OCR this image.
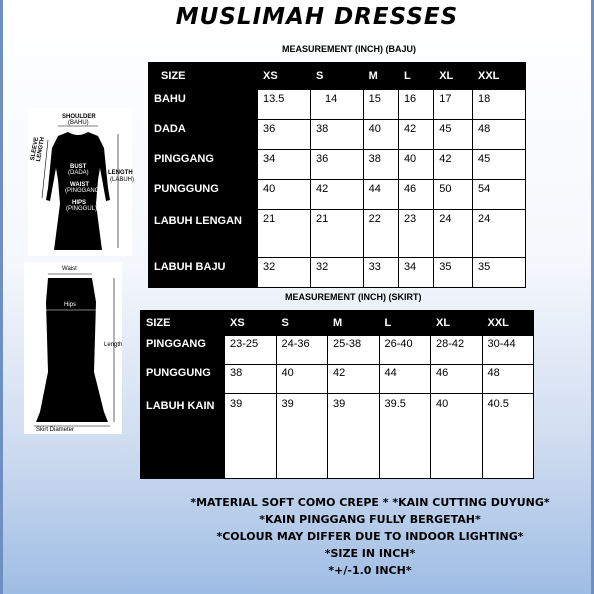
MUSLIMAH DRESSES
MEASUREMENT (INCH) (BAJU)
SIZE	XS	S	M	L	XL	XXL
BAHU	13.5	14	15	16	17	18
DADA	36	38	40	42	45	48
PINGGANG	34	36	38	40	42	45
PUNGGUNG	40	42	44	46	50	54
LABUH LENGAN	21	21	22	23	24	24
LABUH BAJU	32	32	33	34	35	35
MEASUREMENT (INCH) (SKIRT)
SIZE	XS	S	M	L	XL	XXL
PINGGANG	23-25	24-36	25-38	26-40	28-42	30-44
PUNGGUNG	38	40	42	44	46	48
LABUH KAIN	39	39	39	39.5	40	40.5
SHOULDER
(BAHU)
SLEEVE LENGTH
LENGTH
(LABUH)
BUST
(DADA)
WAIST
(PINGGANG)
HIPS
(PINGGUL)
Waist
Hips
Length
Skirt Diameter
*MATERIAL SOFT COMO CREPE * *KAIN CUTTING DUYUNG*
*KAIN PINGGANG FULLY BERGETAH*
*COLOUR MAY DIFFER DUE TO INDOOR LIGHTING*
*SIZE IN INCH*
*+/-1.0 INCH*
